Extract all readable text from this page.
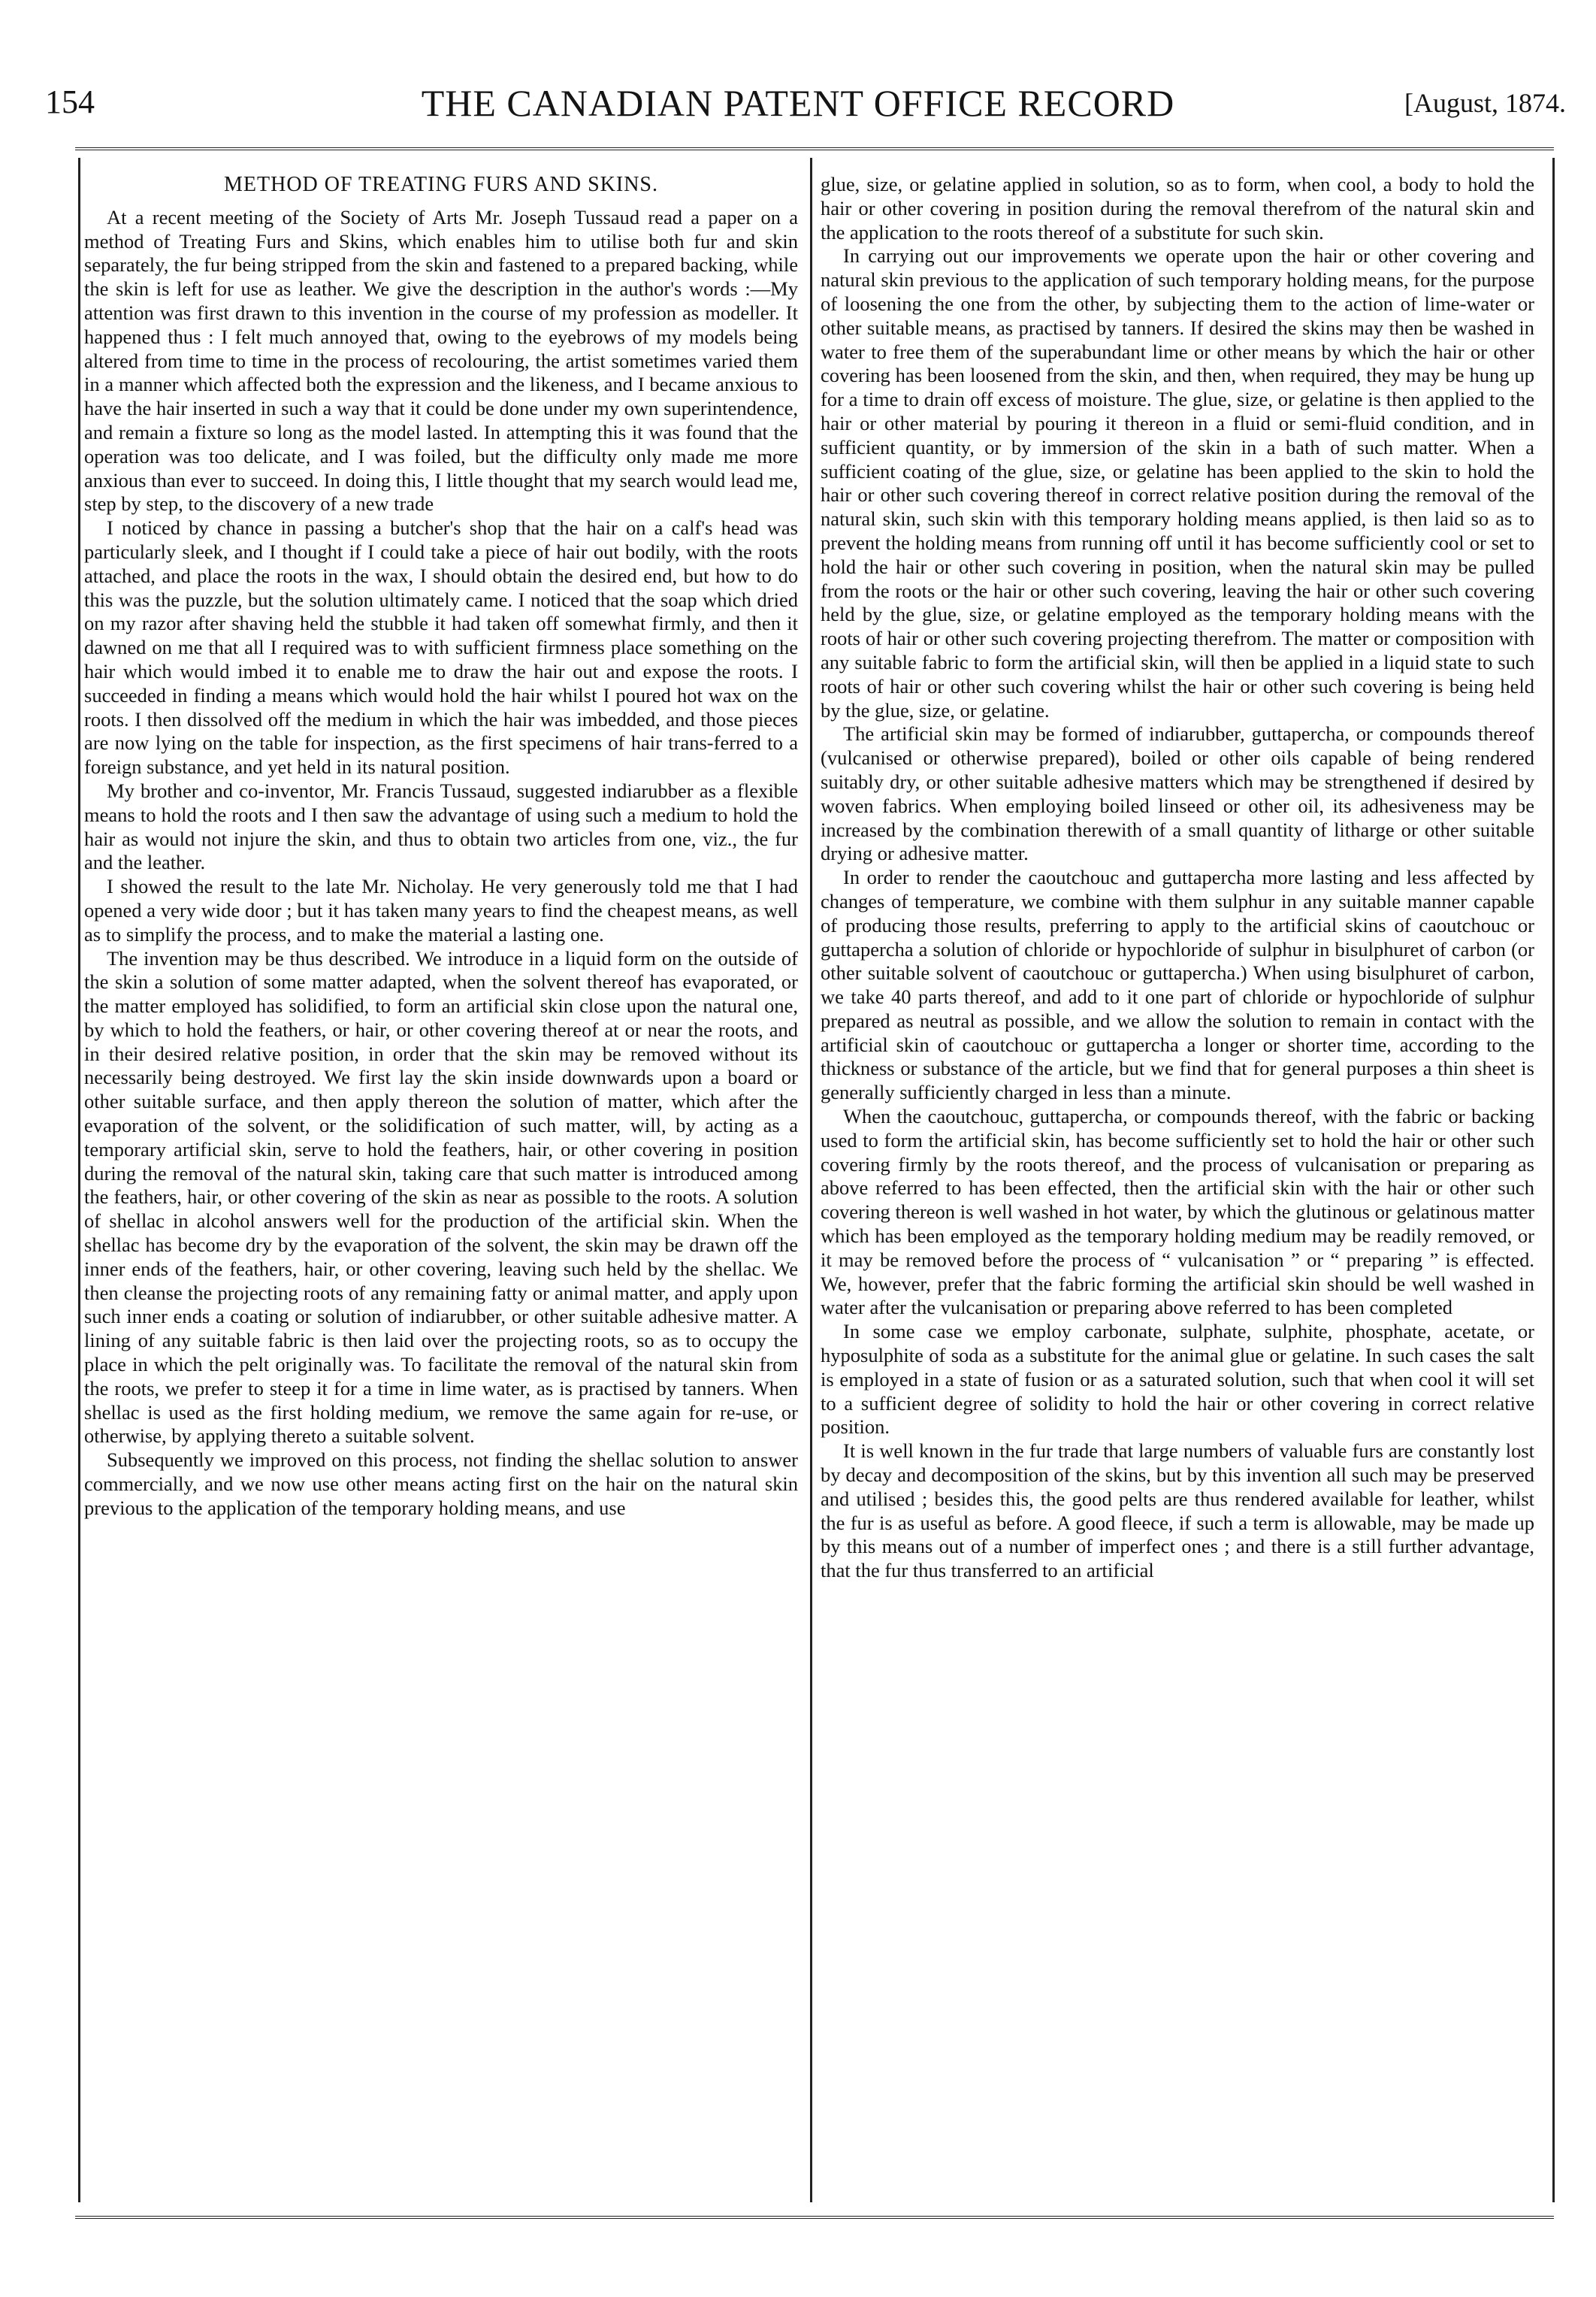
154	THE CANADIAN PATENT OFFICE RECORD	[August, 1874.
METHOD OF TREATING FURS AND SKINS.

At a recent meeting of the Society of Arts Mr. Joseph Tussaud read a paper on a method of Treating Furs and Skins, which enables him to utilise both fur and skin separately, the fur being stripped from the skin and fastened to a prepared backing, while the skin is left for use as leather. We give the description in the author's words :—My attention was first drawn to this invention in the course of my profession as modeller. It happened thus : I felt much annoyed that, owing to the eyebrows of my models being altered from time to time in the process of recolouring, the artist sometimes varied them in a manner which affected both the expression and the likeness, and I became anxious to have the hair inserted in such a way that it could be done under my own superintendence, and remain a fixture so long as the model lasted. In attempting this it was found that the operation was too delicate, and I was foiled, but the difficulty only made me more anxious than ever to succeed. In doing this, I little thought that my search would lead me, step by step, to the discovery of a new trade

I noticed by chance in passing a butcher's shop that the hair on a calf's head was particularly sleek, and I thought if I could take a piece of hair out bodily, with the roots attached, and place the roots in the wax, I should obtain the desired end, but how to do this was the puzzle, but the solution ultimately came. I noticed that the soap which dried on my razor after shaving held the stubble it had taken off somewhat firmly, and then it dawned on me that all I required was to with sufficient firmness place something on the hair which would imbed it to enable me to draw the hair out and expose the roots. I succeeded in finding a means which would hold the hair whilst I poured hot wax on the roots. I then dissolved off the medium in which the hair was imbedded, and those pieces are now lying on the table for inspection, as the first specimens of hair trans-ferred to a foreign substance, and yet held in its natural position.

My brother and co-inventor, Mr. Francis Tussaud, suggested indiarubber as a flexible means to hold the roots and I then saw the advantage of using such a medium to hold the hair as would not injure the skin, and thus to obtain two articles from one, viz., the fur and the leather.

I showed the result to the late Mr. Nicholay. He very generously told me that I had opened a very wide door ; but it has taken many years to find the cheapest means, as well as to simplify the process, and to make the material a lasting one.

The invention may be thus described. We introduce in a liquid form on the outside of the skin a solution of some matter adapted, when the solvent thereof has evaporated, or the matter employed has solidified, to form an artificial skin close upon the natural one, by which to hold the feathers, or hair, or other covering thereof at or near the roots, and in their desired relative position, in order that the skin may be removed without its necessarily being destroyed. We first lay the skin inside downwards upon a board or other suitable surface, and then apply thereon the solution of matter, which after the evaporation of the solvent, or the solidification of such matter, will, by acting as a temporary artificial skin, serve to hold the feathers, hair, or other covering in position during the removal of the natural skin, taking care that such matter is introduced among the feathers, hair, or other covering of the skin as near as possible to the roots. A solution of shellac in alcohol answers well for the production of the artificial skin. When the shellac has become dry by the evaporation of the solvent, the skin may be drawn off the inner ends of the feathers, hair, or other covering, leaving such held by the shellac. We then cleanse the projecting roots of any remaining fatty or animal matter, and apply upon such inner ends a coating or solution of indiarubber, or other suitable adhesive matter. A lining of any suitable fabric is then laid over the projecting roots, so as to occupy the place in which the pelt originally was. To facilitate the removal of the natural skin from the roots, we prefer to steep it for a time in lime water, as is practised by tanners. When shellac is used as the first holding medium, we remove the same again for re-use, or otherwise, by applying thereto a suitable solvent.

Subsequently we improved on this process, not finding the shellac solution to answer commercially, and we now use other means acting first on the hair on the natural skin previous to the application of the temporary holding means, and use

glue, size, or gelatine applied in solution, so as to form, when cool, a body to hold the hair or other covering in position during the removal therefrom of the natural skin and the application to the roots thereof of a substitute for such skin.

In carrying out our improvements we operate upon the hair or other covering and natural skin previous to the application of such temporary holding means, for the purpose of loosening the one from the other, by subjecting them to the action of lime-water or other suitable means, as practised by tanners. If desired the skins may then be washed in water to free them of the superabundant lime or other means by which the hair or other covering has been loosened from the skin, and then, when required, they may be hung up for a time to drain off excess of moisture. The glue, size, or gelatine is then applied to the hair or other material by pouring it thereon in a fluid or semi-fluid condition, and in sufficient quantity, or by immersion of the skin in a bath of such matter. When a sufficient coating of the glue, size, or gelatine has been applied to the skin to hold the hair or other such covering thereof in correct relative position during the removal of the natural skin, such skin with this temporary holding means applied, is then laid so as to prevent the holding means from running off until it has become sufficiently cool or set to hold the hair or other such covering in position, when the natural skin may be pulled from the roots or the hair or other such covering, leaving the hair or other such covering held by the glue, size, or gelatine employed as the temporary holding means with the roots of hair or other such covering projecting therefrom. The matter or composition with any suitable fabric to form the artificial skin, will then be applied in a liquid state to such roots of hair or other such covering whilst the hair or other such covering is being held by the glue, size, or gelatine.

The artificial skin may be formed of indiarubber, guttapercha, or compounds thereof (vulcanised or otherwise prepared), boiled or other oils capable of being rendered suitably dry, or other suitable adhesive matters which may be strengthened if desired by woven fabrics. When employing boiled linseed or other oil, its adhesiveness may be increased by the combination therewith of a small quantity of litharge or other suitable drying or adhesive matter.

In order to render the caoutchouc and guttapercha more lasting and less affected by changes of temperature, we combine with them sulphur in any suitable manner capable of producing those results, preferring to apply to the artificial skins of caoutchouc or guttapercha a solution of chloride or hypochloride of sulphur in bisulphuret of carbon (or other suitable solvent of caoutchouc or guttapercha.) When using bisulphuret of carbon, we take 40 parts thereof, and add to it one part of chloride or hypochloride of sulphur prepared as neutral as possible, and we allow the solution to remain in contact with the artificial skin of caoutchouc or guttapercha a longer or shorter time, according to the thickness or substance of the article, but we find that for general purposes a thin sheet is generally sufficiently charged in less than a minute.

When the caoutchouc, guttapercha, or compounds thereof, with the fabric or backing used to form the artificial skin, has become sufficiently set to hold the hair or other such covering firmly by the roots thereof, and the process of vulcanisation or preparing as above referred to has been effected, then the artificial skin with the hair or other such covering thereon is well washed in hot water, by which the glutinous or gelatinous matter which has been employed as the temporary holding medium may be readily removed, or it may be removed before the process of “ vulcanisation ” or “ preparing ” is effected. We, however, prefer that the fabric forming the artificial skin should be well washed in water after the vulcanisation or preparing above referred to has been completed

In some case we employ carbonate, sulphate, sulphite, phosphate, acetate, or hyposulphite of soda as a substitute for the animal glue or gelatine. In such cases the salt is employed in a state of fusion or as a saturated solution, such that when cool it will set to a sufficient degree of solidity to hold the hair or other covering in correct relative position.

It is well known in the fur trade that large numbers of valuable furs are constantly lost by decay and decomposition of the skins, but by this invention all such may be preserved and utilised ; besides this, the good pelts are thus rendered available for leather, whilst the fur is as useful as before. A good fleece, if such a term is allowable, may be made up by this means out of a number of imperfect ones ; and there is a still further advantage, that the fur thus transferred to an artificial
